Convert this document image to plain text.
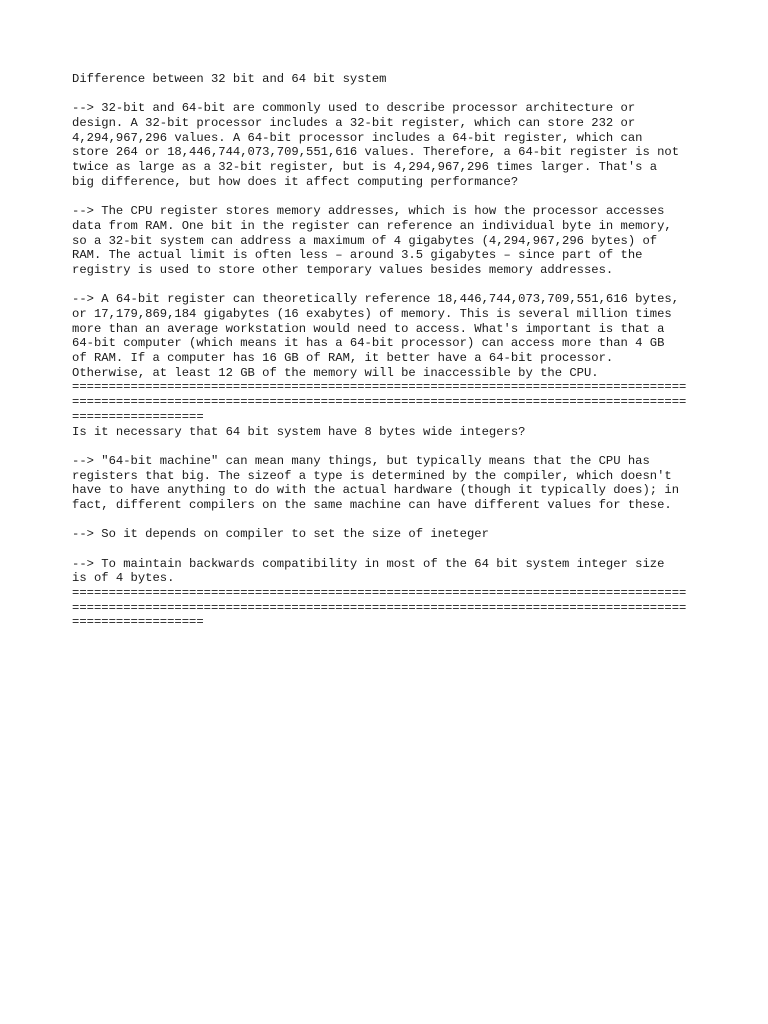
Difference between 32 bit and 64 bit system
--> 32-bit and 64-bit are commonly used to describe processor architecture or
design. A 32-bit processor includes a 32-bit register, which can store 232 or
4,294,967,296 values. A 64-bit processor includes a 64-bit register, which can
store 264 or 18,446,744,073,709,551,616 values. Therefore, a 64-bit register is not
twice as large as a 32-bit register, but is 4,294,967,296 times larger. That's a
big difference, but how does it affect computing performance?
--> The CPU register stores memory addresses, which is how the processor accesses
data from RAM. One bit in the register can reference an individual byte in memory,
so a 32-bit system can address a maximum of 4 gigabytes (4,294,967,296 bytes) of
RAM. The actual limit is often less – around 3.5 gigabytes – since part of the
registry is used to store other temporary values besides memory addresses.
--> A 64-bit register can theoretically reference 18,446,744,073,709,551,616 bytes,
or 17,179,869,184 gigabytes (16 exabytes) of memory. This is several million times
more than an average workstation would need to access. What's important is that a
64-bit computer (which means it has a 64-bit processor) can access more than 4 GB
of RAM. If a computer has 16 GB of RAM, it better have a 64-bit processor.
Otherwise, at least 12 GB of the memory will be inaccessible by the CPU.
====================================================================================
====================================================================================
==================
Is it necessary that 64 bit system have 8 bytes wide integers?
--> "64-bit machine" can mean many things, but typically means that the CPU has
registers that big. The sizeof a type is determined by the compiler, which doesn't
have to have anything to do with the actual hardware (though it typically does); in
fact, different compilers on the same machine can have different values for these.
--> So it depends on compiler to set the size of ineteger
--> To maintain backwards compatibility in most of the 64 bit system integer size
is of 4 bytes.
====================================================================================
====================================================================================
==================
